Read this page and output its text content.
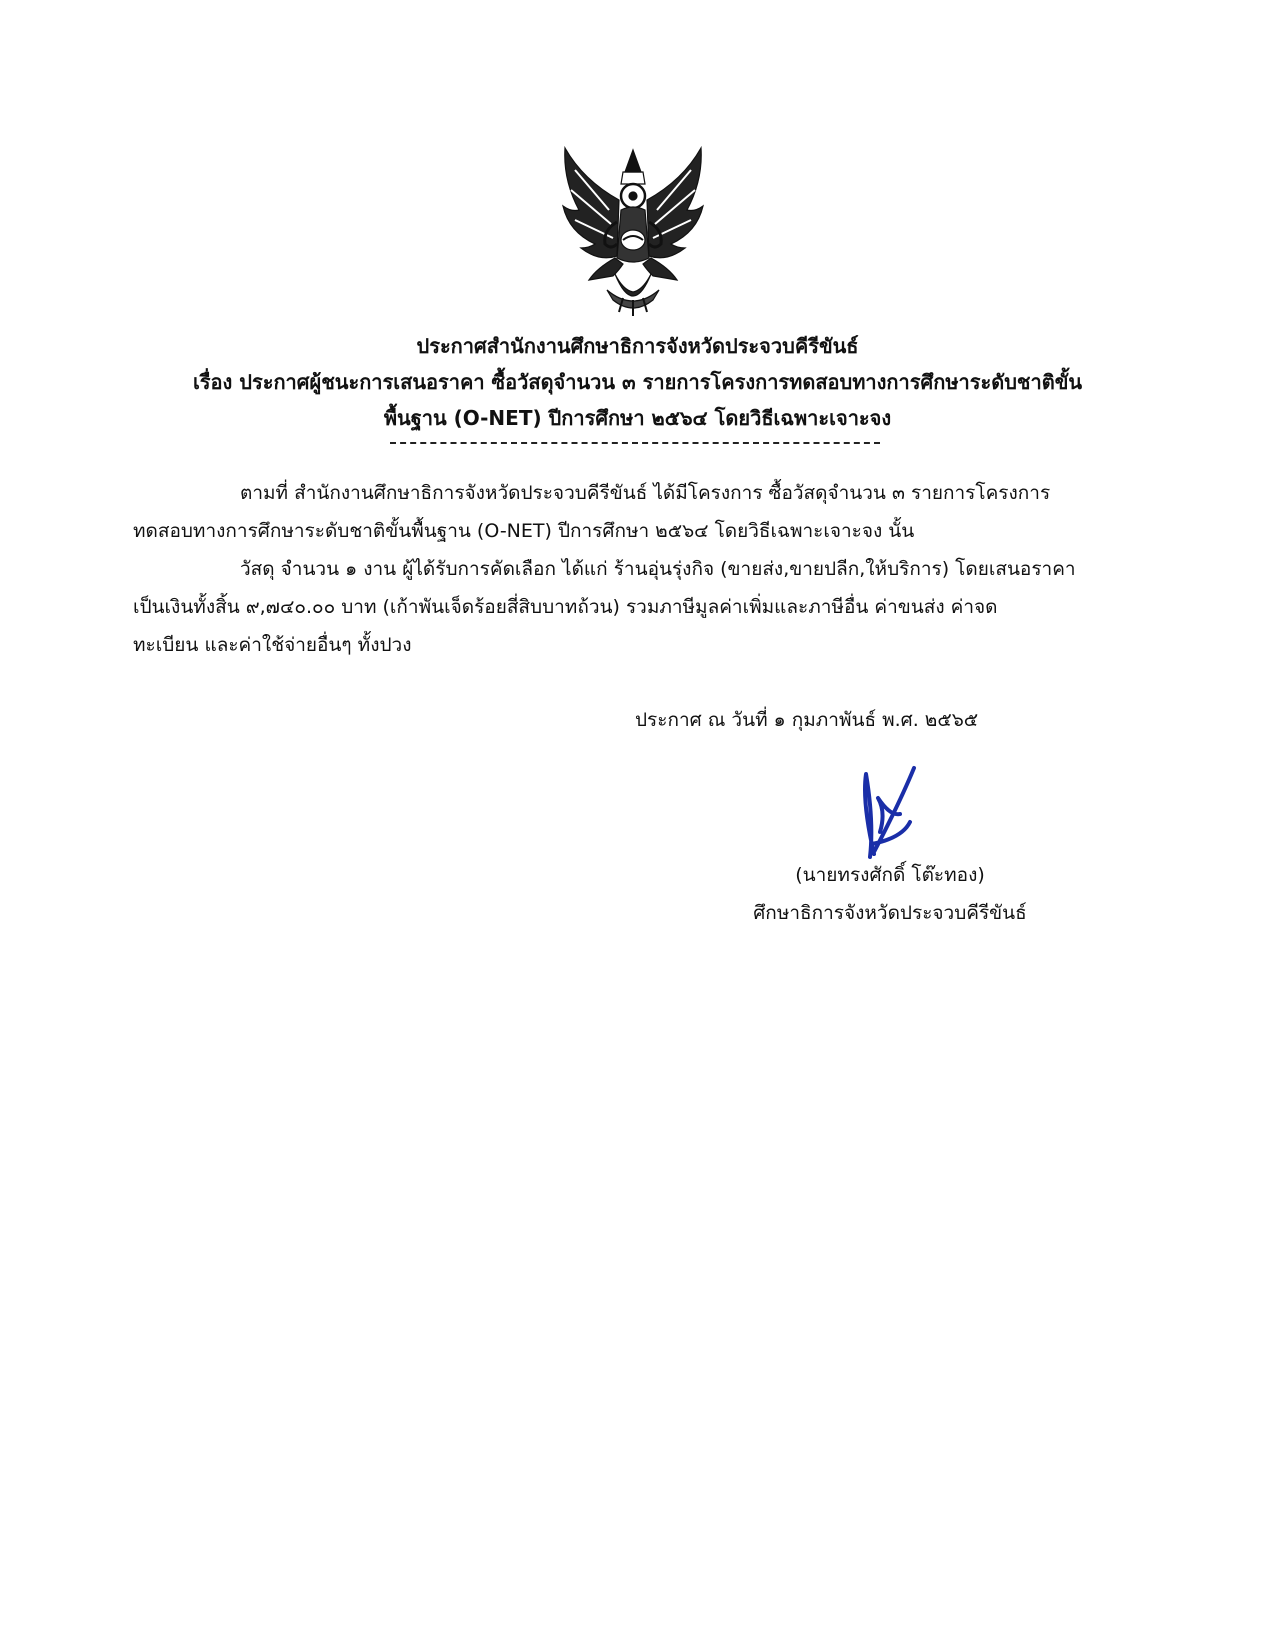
ประกาศสำนักงานศึกษาธิการจังหวัดประจวบคีรีขันธ์
เรื่อง ประกาศผู้ชนะการเสนอราคา ซื้อวัสดุจำนวน ๓ รายการโครงการทดสอบทางการศึกษาระดับชาติขั้น
พื้นฐาน (O-NET) ปีการศึกษา ๒๕๖๔ โดยวิธีเฉพาะเจาะจง
ตามที่ สำนักงานศึกษาธิการจังหวัดประจวบคีรีขันธ์ ได้มีโครงการ ซื้อวัสดุจำนวน ๓ รายการโครงการ
ทดสอบทางการศึกษาระดับชาติขั้นพื้นฐาน (O-NET) ปีการศึกษา ๒๕๖๔ โดยวิธีเฉพาะเจาะจง นั้น
วัสดุ จำนวน ๑ งาน ผู้ได้รับการคัดเลือก ได้แก่ ร้านอุ่นรุ่งกิจ (ขายส่ง,ขายปลีก,ให้บริการ) โดยเสนอราคา
เป็นเงินทั้งสิ้น ๙,๗๔๐.๐๐ บาท (เก้าพันเจ็ดร้อยสี่สิบบาทถ้วน) รวมภาษีมูลค่าเพิ่มและภาษีอื่น ค่าขนส่ง ค่าจด
ทะเบียน และค่าใช้จ่ายอื่นๆ ทั้งปวง
ประกาศ ณ วันที่ ๑ กุมภาพันธ์ พ.ศ. ๒๕๖๕
(นายทรงศักดิ์ โต๊ะทอง)
ศึกษาธิการจังหวัดประจวบคีรีขันธ์
